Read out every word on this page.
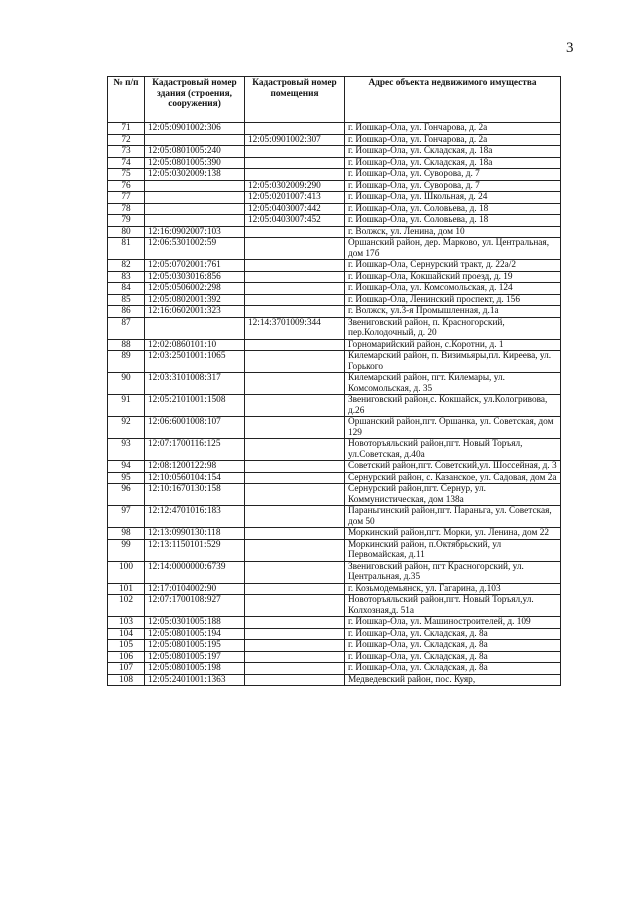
3
№ п/п	Кадастровый номер здания (строения, сооружения)	Кадастровый номер помещения	Адрес объекта недвижимого имущества
71	12:05:0901002:306		г. Йошкар-Ола, ул. Гончарова, д. 2а
72		12:05:0901002:307	г. Йошкар-Ола, ул. Гончарова, д. 2а
73	12:05:0801005:240		г. Йошкар-Ола, ул. Складская, д. 18а
74	12:05:0801005:390		г. Йошкар-Ола, ул. Складская, д. 18а
75	12:05:0302009:138		г. Йошкар-Ола, ул. Суворова, д. 7
76		12:05:0302009:290	г. Йошкар-Ола, ул. Суворова, д. 7
77		12:05:0201007:413	г. Йошкар-Ола, ул. Школьная, д. 24
78		12:05:0403007:442	г. Йошкар-Ола, ул. Соловьева, д. 18
79		12:05:0403007:452	г. Йошкар-Ола, ул. Соловьева, д. 18
80	12:16:0902007:103		г. Волжск, ул. Ленина, дом 10
81	12:06:5301002:59		Оршанский район, дер. Марково, ул. Центральная, дом 17б
82	12:05:0702001:761		г. Йошкар-Ола, Сернурский тракт, д. 22а/2
83	12:05:0303016:856		г. Йошкар-Ола, Кокшайский проезд, д. 19
84	12:05:0506002:298		г. Йошкар-Ола, ул. Комсомольская, д. 124
85	12:05:0802001:392		г. Йошкар-Ола, Ленинский проспект, д. 156
86	12:16:0602001:323		г. Волжск, ул.3-я Промышленная, д.1а
87		12:14:3701009:344	Звениговский район, п. Красногорский, пер.Колодочный, д. 20
88	12:02:0860101:10		Горномарийский район, с.Коротни, д. 1
89	12:03:2501001:1065		Килемарский район, п. Визимьяры,пл. Киреева, ул. Горького
90	12:03:3101008:317		Килемарский район, пгт. Килемары, ул. Комсомольская, д. 35
91	12:05:2101001:1508		Звениговский район,с. Кокшайск, ул.Кологривова, д.26
92	12:06:6001008:107		Оршанский район,пгт. Оршанка, ул. Советская, дом 129
93	12:07:1700116:125		Новоторъяльский район,пгт. Новый Торъял, ул.Советская, д.40а
94	12:08:1200122:98		Советский район,пгт. Советский,ул. Шоссейная, д. 3
95	12:10:0560104:154		Сернурский район, с. Казанское, ул. Садовая, дом 2а
96	12:10:1670130:158		Сернурский район,пгт. Сернур, ул. Коммунистическая, дом 138а
97	12:12:4701016:183		Параньгинский район,пгт. Параньга, ул. Советская, дом 50
98	12:13:0990130:118		Моркинский район,пгт. Морки, ул. Ленина, дом 22
99	12:13:1150101:529		Моркинский район, п.Октябрьский, ул Первомайская, д.11
100	12:14:0000000:6739		Звениговский район, пгт Красногорский, ул. Центральная, д.35
101	12:17:0104002:90		г. Козьмодемьянск, ул. Гагарина, д.103
102	12:07:1700108:927		Новоторъяльский район,пгт. Новый Торъял,ул. Колхозная,д. 51а
103	12:05:0301005:188		г. Йошкар-Ола, ул. Машиностроителей, д. 109
104	12:05:0801005:194		г. Йошкар-Ола, ул. Складская, д. 8а
105	12:05:0801005:195		г. Йошкар-Ола, ул. Складская, д. 8а
106	12:05:0801005:197		г. Йошкар-Ола, ул. Складская, д. 8а
107	12:05:0801005:198		г. Йошкар-Ола, ул. Складская, д. 8а
108	12:05:2401001:1363		Медведевский район, пос. Куяр,
